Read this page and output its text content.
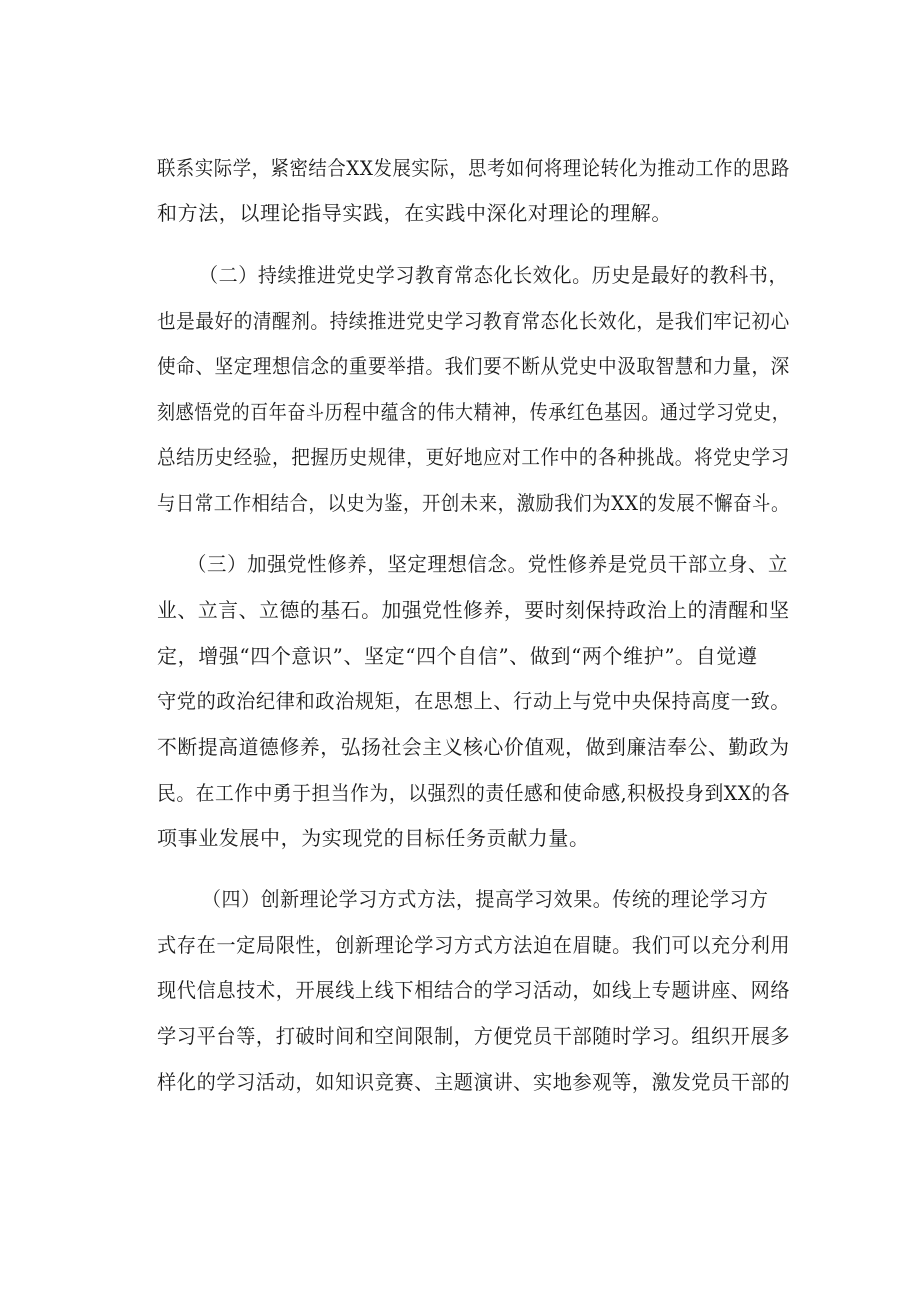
联系实际学，紧密结合XX发展实际，思考如何将理论转化为推动工作的思路
和方法，以理论指导实践，在实践中深化对理论的理解。
（二）持续推进党史学习教育常态化长效化。历史是最好的教科书，
也是最好的清醒剂。持续推进党史学习教育常态化长效化，是我们牢记初心
使命、坚定理想信念的重要举措。我们要不断从党史中汲取智慧和力量，深
刻感悟党的百年奋斗历程中蕴含的伟大精神，传承红色基因。通过学习党史，
总结历史经验，把握历史规律，更好地应对工作中的各种挑战。将党史学习
与日常工作相结合，以史为鉴，开创未来，激励我们为XX的发展不懈奋斗。
（三）加强党性修养，坚定理想信念。党性修养是党员干部立身、立
业、立言、立德的基石。加强党性修养，要时刻保持政治上的清醒和坚
定，增强“四个意识”、坚定“四个自信”、做到“两个维护”。自觉遵
守党的政治纪律和政治规矩，在思想上、行动上与党中央保持高度一致。
不断提高道德修养，弘扬社会主义核心价值观，做到廉洁奉公、勤政为
民。在工作中勇于担当作为，以强烈的责任感和使命感,积极投身到XX的各
项事业发展中，为实现党的目标任务贡献力量。
（四）创新理论学习方式方法，提高学习效果。传统的理论学习方
式存在一定局限性，创新理论学习方式方法迫在眉睫。我们可以充分利用
现代信息技术，开展线上线下相结合的学习活动，如线上专题讲座、网络
学习平台等，打破时间和空间限制，方便党员干部随时学习。组织开展多
样化的学习活动，如知识竞赛、主题演讲、实地参观等，激发党员干部的
